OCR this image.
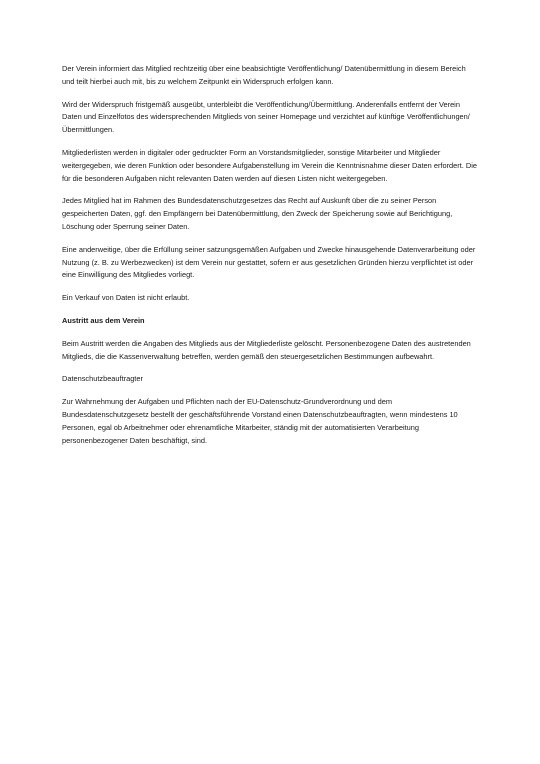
Der Verein informiert das Mitglied rechtzeitig über eine beabsichtigte Veröffentlichung/ Datenübermittlung in diesem Bereich und teilt hierbei auch mit, bis zu welchem Zeitpunkt ein Widerspruch erfolgen kann.

Wird der Widerspruch fristgemäß ausgeübt, unterbleibt die Veröffentlichung/Übermittlung. Anderenfalls entfernt der Verein Daten und Einzelfotos des widersprechenden Mitglieds von seiner Homepage und verzichtet auf künftige Veröffentlichungen/Übermittlungen.

Mitgliederlisten werden in digitaler oder gedruckter Form an Vorstandsmitglieder, sonstige Mitarbeiter und Mitglieder weitergegeben, wie deren Funktion oder besondere Aufgabenstellung im Verein die Kenntnisnahme dieser Daten erfordert. Die für die besonderen Aufgaben nicht relevanten Daten werden auf diesen Listen nicht weitergegeben.

Jedes Mitglied hat im Rahmen des Bundesdatenschutzgesetzes das Recht auf Auskunft über die zu seiner Person gespeicherten Daten, ggf. den Empfängern bei Datenübermittlung, den Zweck der Speicherung sowie auf Berichtigung, Löschung oder Sperrung seiner Daten.

Eine anderweitige, über die Erfüllung seiner satzungsgemäßen Aufgaben und Zwecke hinausgehende Datenverarbeitung oder Nutzung (z. B. zu Werbezwecken) ist dem Verein nur gestattet, sofern er aus gesetzlichen Gründen hierzu verpflichtet ist oder eine Einwilligung des Mitgliedes vorliegt.

Ein Verkauf von Daten ist nicht erlaubt.

Austritt aus dem Verein

Beim Austritt werden die Angaben des Mitglieds aus der Mitgliederliste gelöscht. Personenbezogene Daten des austretenden Mitglieds, die die Kassenverwaltung betreffen, werden gemäß den steuergesetzlichen Bestimmungen aufbewahrt.

Datenschutzbeauftragter

Zur Wahrnehmung der Aufgaben und Pflichten nach der EU-Datenschutz-Grundverordnung und dem Bundesdatenschutzgesetz bestellt der geschäftsführende Vorstand einen Datenschutzbeauftragten, wenn mindestens 10 Personen, egal ob Arbeitnehmer oder ehrenamtliche Mitarbeiter, ständig mit der automatisierten Verarbeitung personenbezogener Daten beschäftigt, sind.
